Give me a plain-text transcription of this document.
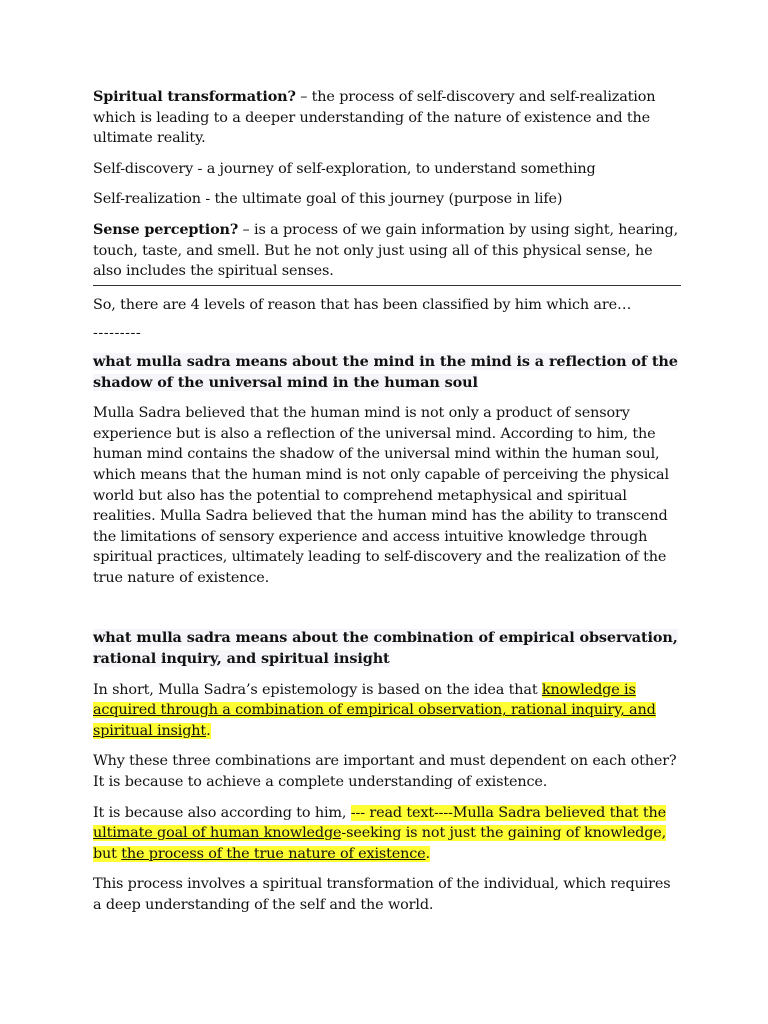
Spiritual transformation? – the process of self-discovery and self-realization which is leading to a deeper understanding of the nature of existence and the ultimate reality.

Self-discovery - a journey of self-exploration, to understand something

Self-realization - the ultimate goal of this journey (purpose in life)

Sense perception? – is a process of we gain information by using sight, hearing, touch, taste, and smell. But he not only just using all of this physical sense, he also includes the spiritual senses.

So, there are 4 levels of reason that has been classified by him which are…

---------

what mulla sadra means about the mind in the mind is a reflection of the shadow of the universal mind in the human soul

Mulla Sadra believed that the human mind is not only a product of sensory experience but is also a reflection of the universal mind. According to him, the human mind contains the shadow of the universal mind within the human soul, which means that the human mind is not only capable of perceiving the physical world but also has the potential to comprehend metaphysical and spiritual realities. Mulla Sadra believed that the human mind has the ability to transcend the limitations of sensory experience and access intuitive knowledge through spiritual practices, ultimately leading to self-discovery and the realization of the true nature of existence.

what mulla sadra means about the combination of empirical observation, rational inquiry, and spiritual insight

In short, Mulla Sadra’s epistemology is based on the idea that knowledge is acquired through a combination of empirical observation, rational inquiry, and spiritual insight.

Why these three combinations are important and must dependent on each other? It is because to achieve a complete understanding of existence.

It is because also according to him, --- read text----Mulla Sadra believed that the ultimate goal of human knowledge-seeking is not just the gaining of knowledge, but the process of the true nature of existence.

This process involves a spiritual transformation of the individual, which requires a deep understanding of the self and the world.
